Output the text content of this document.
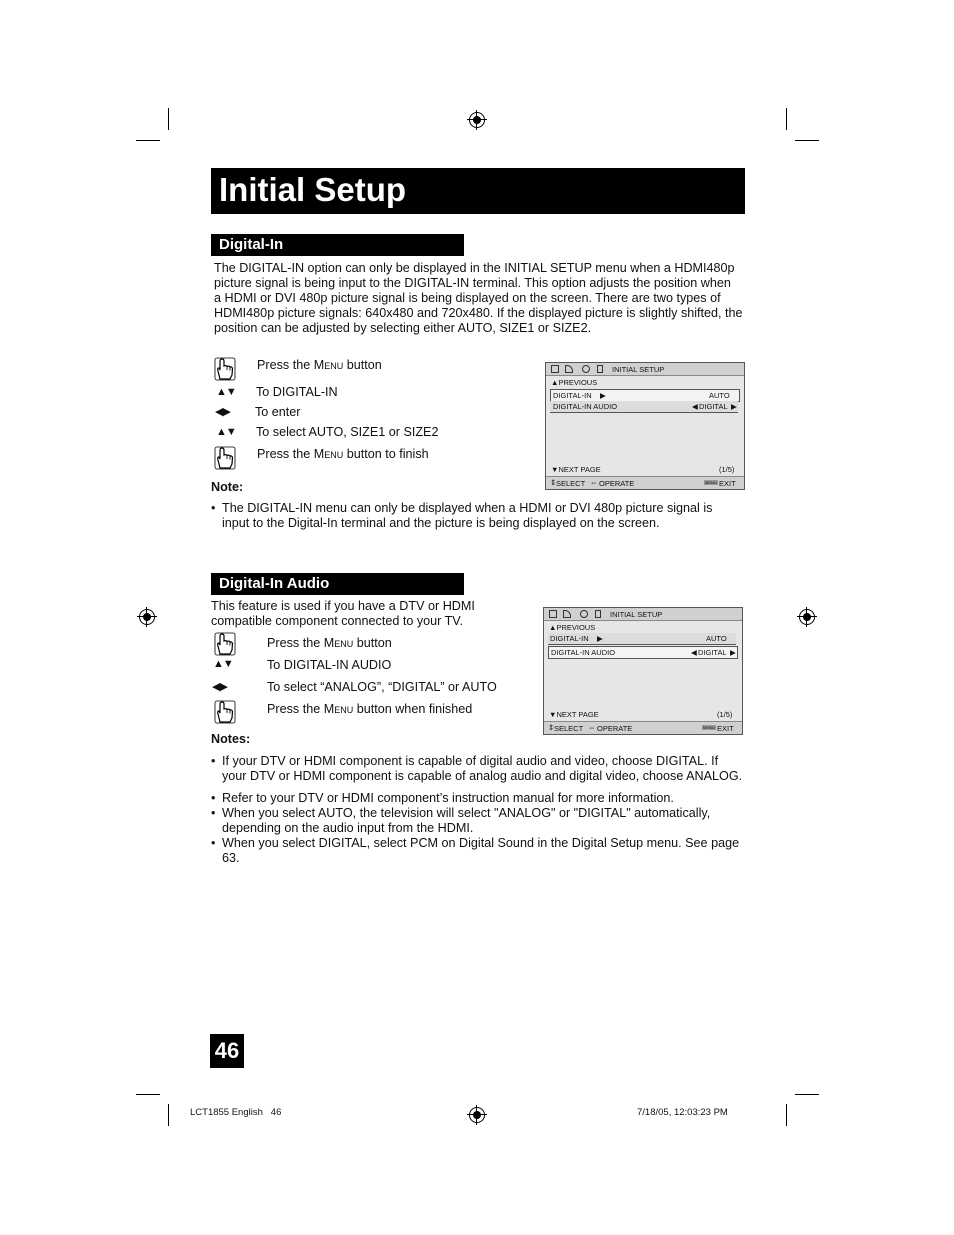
Initial Setup
Digital-In
The DIGITAL-IN option can only be displayed in the INITIAL SETUP menu when a HDMI480p
picture signal is being input to the DIGITAL-IN terminal. This option adjusts the position when
a HDMI or DVI 480p picture signal is being displayed on the screen. There are two types of
HDMI480p picture signals: 640x480 and 720x480. If the displayed picture is slightly shifted, the
position can be adjusted by selecting either AUTO, SIZE1 or SIZE2.
Press the Menu button
▲▼ To DIGITAL-IN
◀▶ To enter
▲▼ To select AUTO, SIZE1 or SIZE2
Press the Menu button to finish
INITIAL SETUP
▲PREVIOUS
DIGITAL-IN ▶	AUTO
DIGITAL-IN AUDIO	◀ DIGITAL ▶
▼NEXT PAGE	(1/5)
⇕ SELECT ⇔ OPERATE	MENU EXIT
Note:
• The DIGITAL-IN menu can only be displayed when a HDMI or DVI 480p picture signal is
input to the Digital-In terminal and the picture is being displayed on the screen.
Digital-In Audio
This feature is used if you have a DTV or HDMI
compatible component connected to your TV.
Press the Menu button
▲▼	To DIGITAL-IN AUDIO
◀▶	To select “ANALOG”, “DIGITAL” or AUTO
Press the Menu button when finished
INITIAL SETUP
▲PREVIOUS
DIGITAL-IN ▶	AUTO
DIGITAL-IN AUDIO	◀ DIGITAL ▶
▼NEXT PAGE	(1/5)
⇕ SELECT ⇔ OPERATE	MENU EXIT
Notes:
• If your DTV or HDMI component is capable of digital audio and video, choose DIGITAL. If
your DTV or HDMI component is capable of analog audio and digital video, choose ANALOG.
• Refer to your DTV or HDMI component’s instruction manual for more information.
• When you select AUTO, the television will select "ANALOG" or "DIGITAL" automatically,
depending on the audio input from the HDMI.
• When you select DIGITAL, select PCM on Digital Sound in the Digital Setup menu. See page
63.
46
LCT1855 English   46	7/18/05, 12:03:23 PM
